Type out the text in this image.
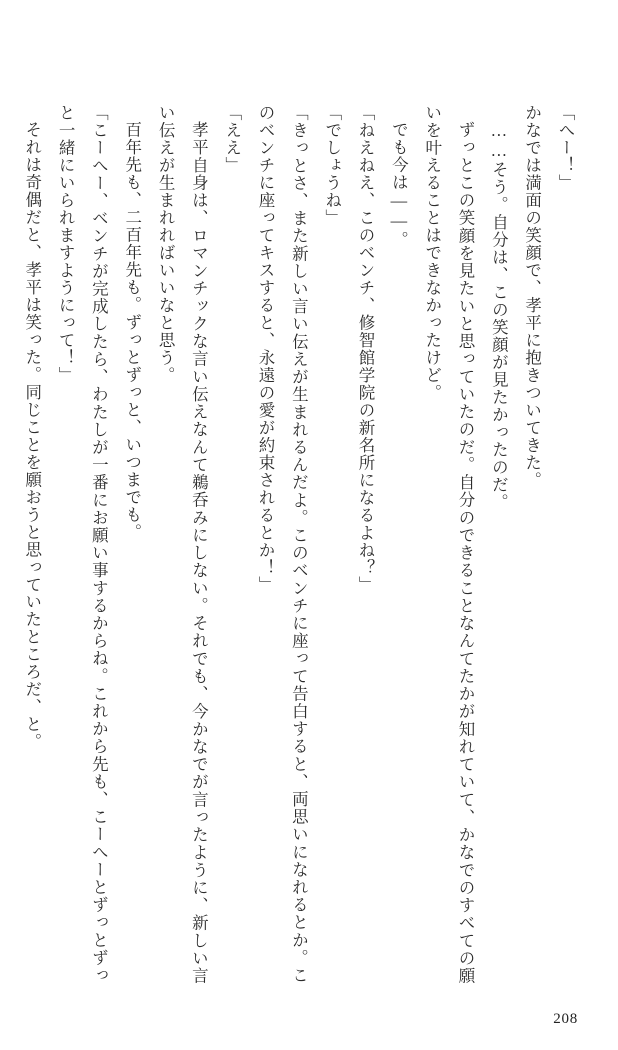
「へー！」

かなでは満面の笑顔で、孝平に抱きついてきた。

……そう。自分は、この笑顔が見たかったのだ。

ずっとこの笑顔を見たいと思っていたのだ。自分のできることなんてたかが知れていて、かなでのすべての願いを叶えることはできなかったけど。

でも今は――。

「ねえねえ、このベンチ、修智館学院の新名所になるよね？」

「でしょうね」

「きっとさ、また新しい言い伝えが生まれるんだよ。このベンチに座って告白すると、両思いになれるとか。このベンチに座ってキスすると、永遠の愛が約束されるとか！」

「ええ」

孝平自身は、ロマンチックな言い伝えなんて鵜呑みにしない。それでも、今かなでが言ったように、新しい言い伝えが生まれればいいなと思う。

百年先も、二百年先も。ずっとずっと、いつまでも。

「こーへー、ベンチが完成したら、わたしが一番にお願い事するからね。これから先も、こーへーとずっとずっと一緒にいられますようにって！」

それは奇偶だと、孝平は笑った。同じことを願おうと思っていたところだ、と。

208
